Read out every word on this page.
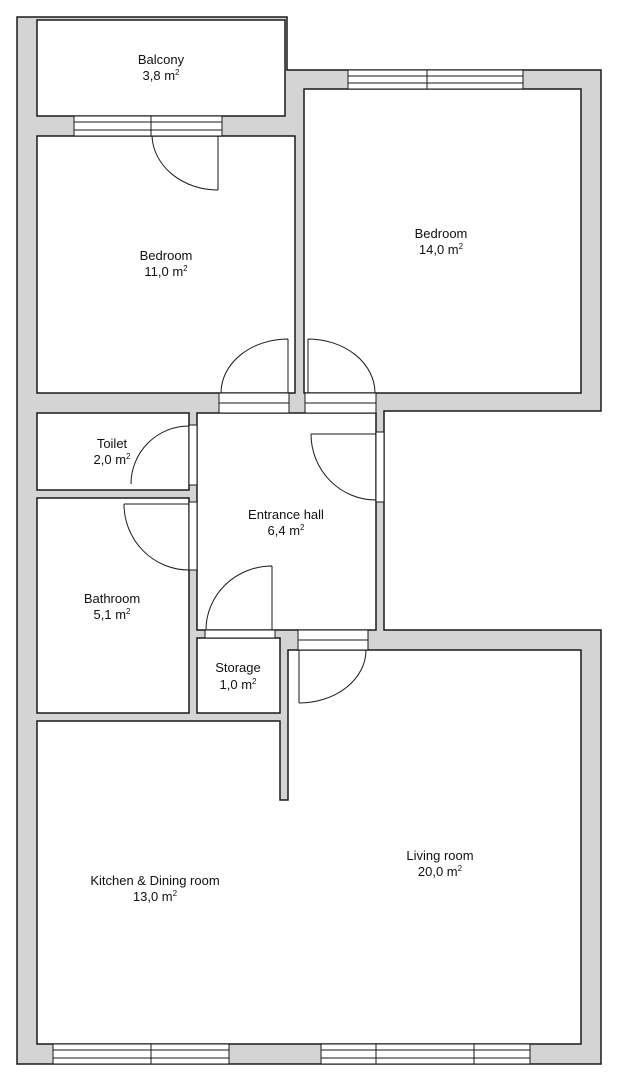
Balcony
3,8 $m^2$
Bedroom
11,0 $m^2$
Bedroom
14,0 $m^2$
Toilet
2,0 $m^2$
Entrance hall
6,4 $m^2$
Bathroom
5,1 $m^2$
Storage
1,0 $m^2$
Kitchen & Dining room
13,0 $m^2$
Living room
20,0 $m^2$
